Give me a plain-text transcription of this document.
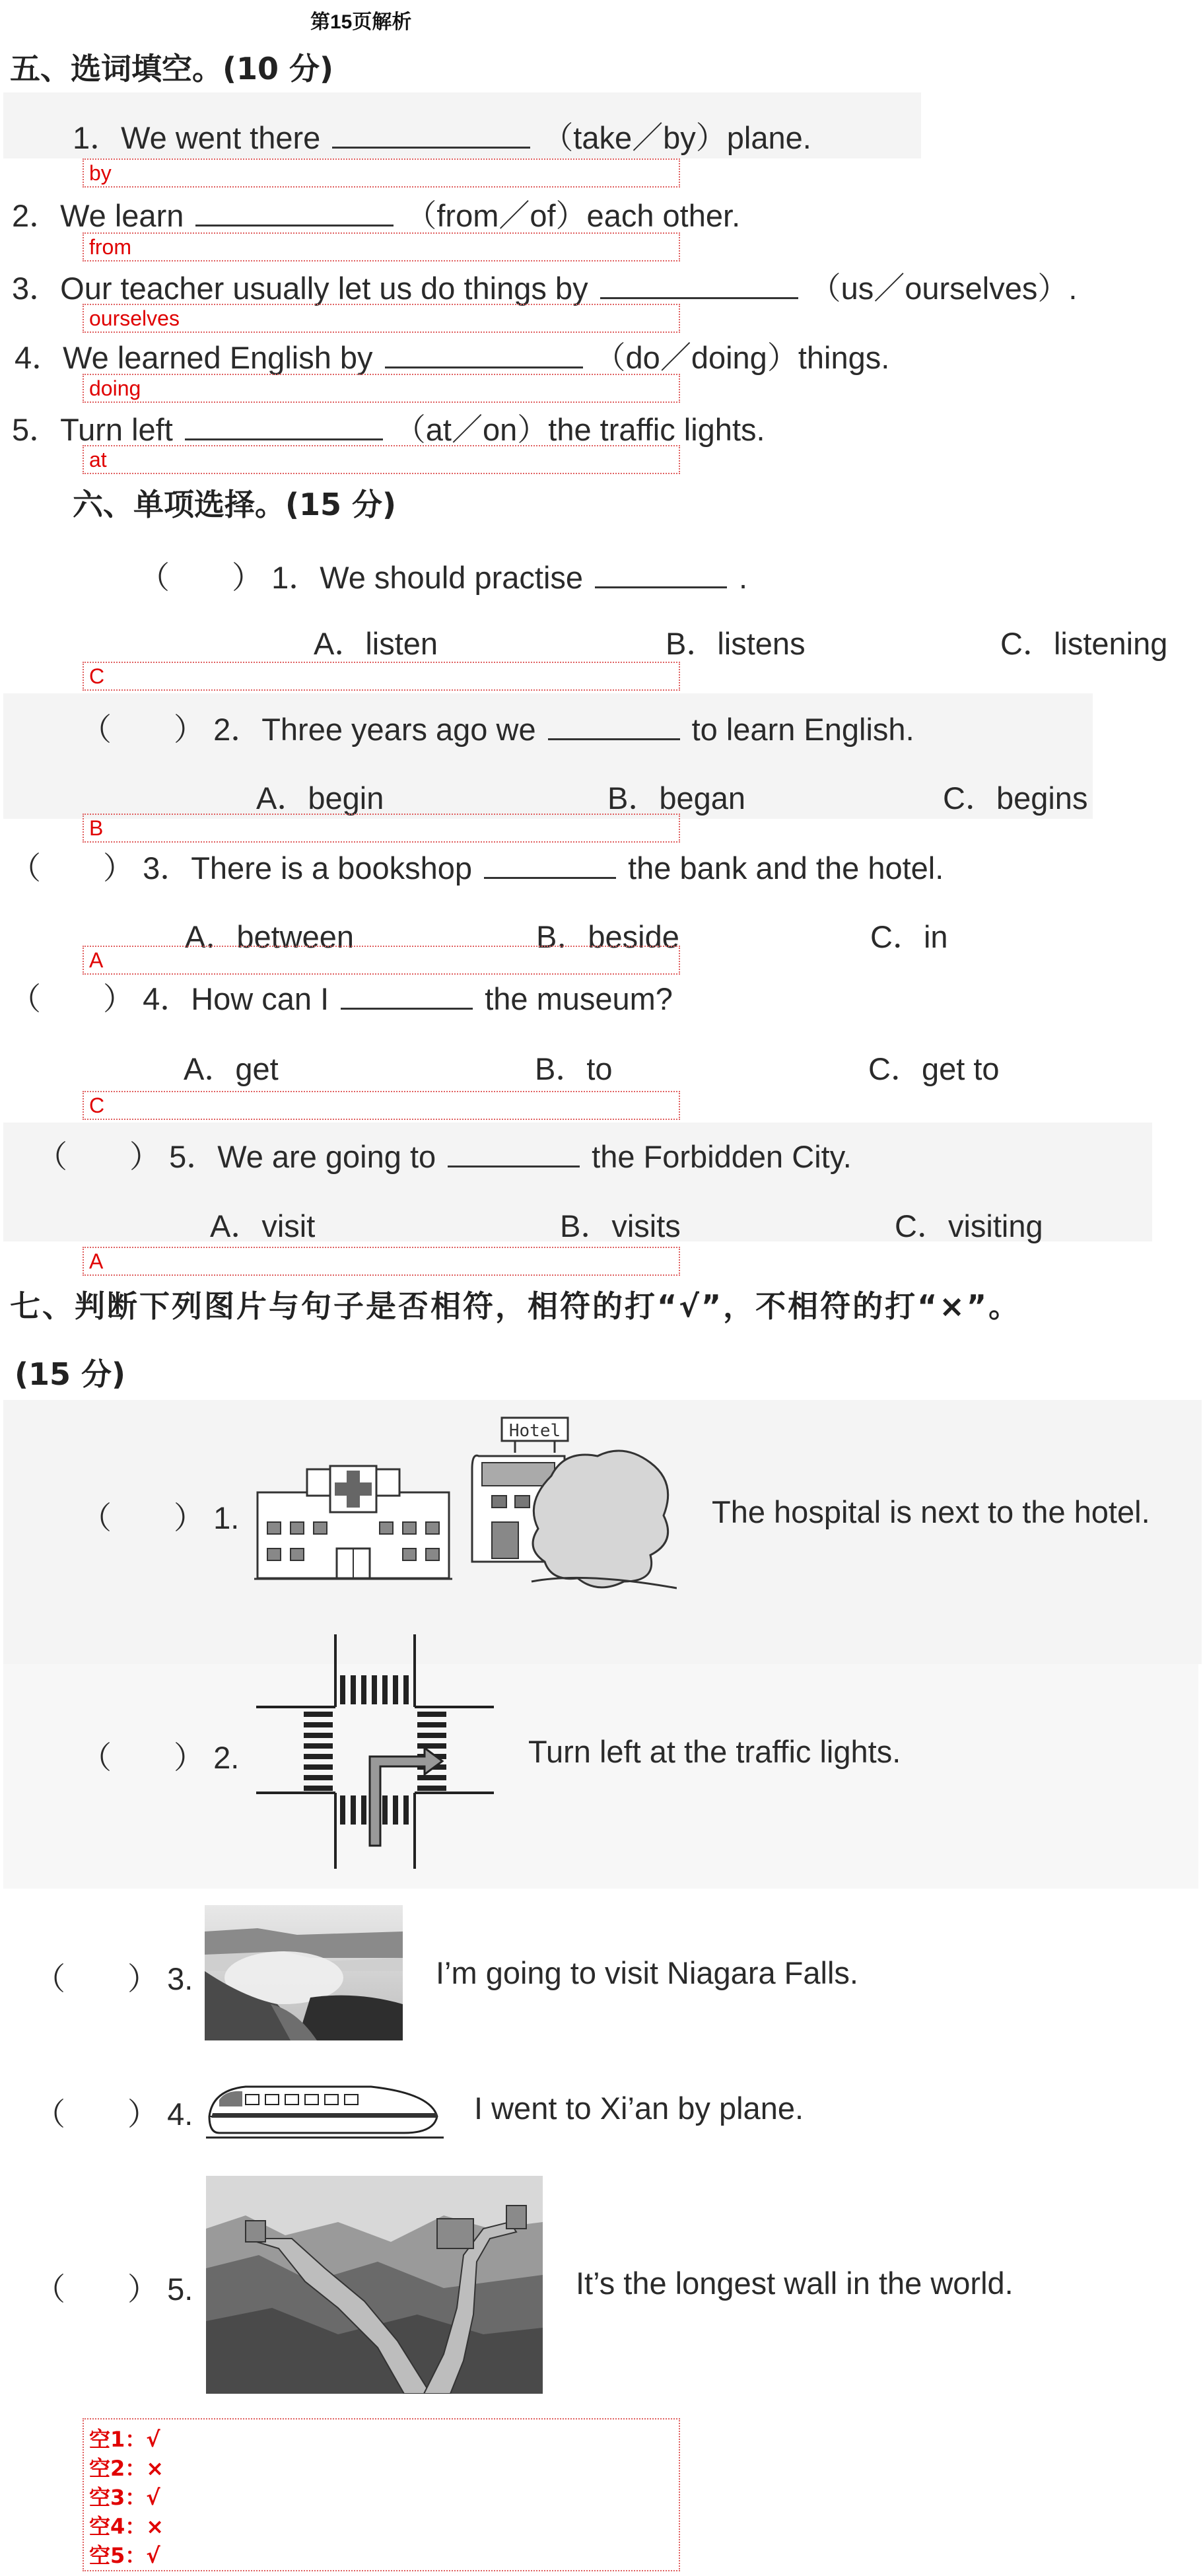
第15页解析
五、选词填空。(10 分)
1．We went there	（take／by）plane.
by
2．We learn	（from／of）each other.
from
3．Our teacher usually let us do things by	（us／ourselves）.
ourselves
4．We learned English by	（do／doing）things.
doing
5．Turn left	（at／on）the traffic lights.
at
六、单项选择。(15 分)
（　　） 1．We should practise	.
A．listen	B．listens	C．listening
C
（　　） 2．Three years ago we	to learn English.
A．begin	B．began	C．begins
B
（　　） 3．There is a bookshop	the bank and the hotel.
A．between	B．beside	C．in
A
（　　） 4．How can I	the museum?
A．get	B．to	C．get to
C
（　　） 5．We are going to	the Forbidden City.
A．visit	B．visits	C．visiting
A
七、判断下列图片与句子是否相符，相符的打“√”，不相符的打“×”。
(15 分)
（　　） 1.
Hotel
The hospital is next to the hotel.
（　　） 2.	Turn left at the traffic lights.
（　　） 3.	I’m going to visit Niagara Falls.
（　　） 4.	I went to Xi’an by plane.
（　　） 5.	It’s the longest wall in the world.
空1：√
空2：×
空3：√
空4：×
空5：√
